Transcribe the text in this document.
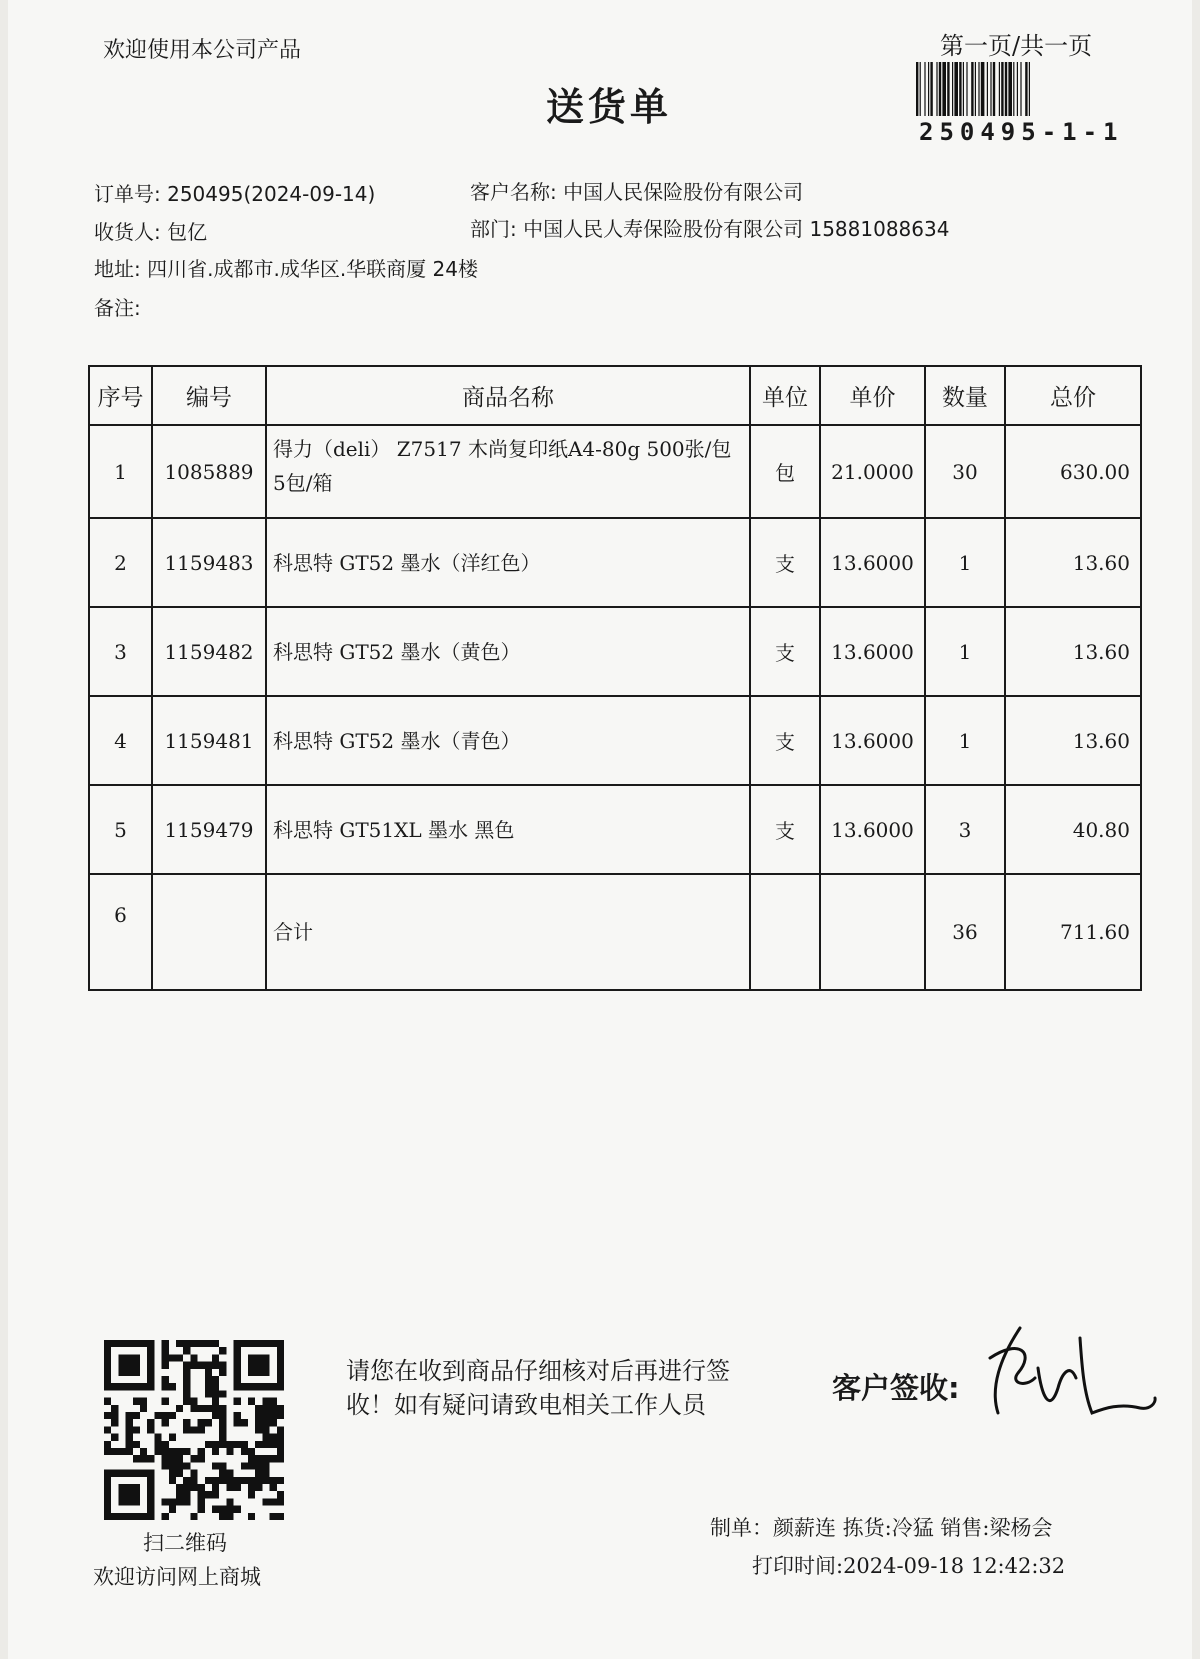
欢迎使用本公司产品	第一页/共一页
送货单
250495-1-1
订单号: 250495(2024-09-14)	客户名称: 中国人民保险股份有限公司
收货人: 包亿	部门: 中国人民人寿保险股份有限公司 15881088634
地址: 四川省.成都市.成华区.华联商厦 24楼
备注:
序号	编号	商品名称	单位	单价	数量	总价
1	1085889	得力（deli） Z7517 木尚复印纸A4-80g 500张/包 5包/箱	包	21.0000	30	630.00
2	1159483	科思特 GT52 墨水（洋红色）	支	13.6000	1	13.60
3	1159482	科思特 GT52 墨水（黄色）	支	13.6000	1	13.60
4	1159481	科思特 GT52 墨水（青色）	支	13.6000	1	13.60
5	1159479	科思特 GT51XL 墨水 黑色	支	13.6000	3	40.80
6		合计			36	711.60
扫二维码
欢迎访问网上商城
请您在收到商品仔细核对后再进行签收！如有疑问请致电相关工作人员	客户签收:
制单：颜薪连 拣货:冷猛 销售:梁杨会
打印时间:2024-09-18 12:42:32
